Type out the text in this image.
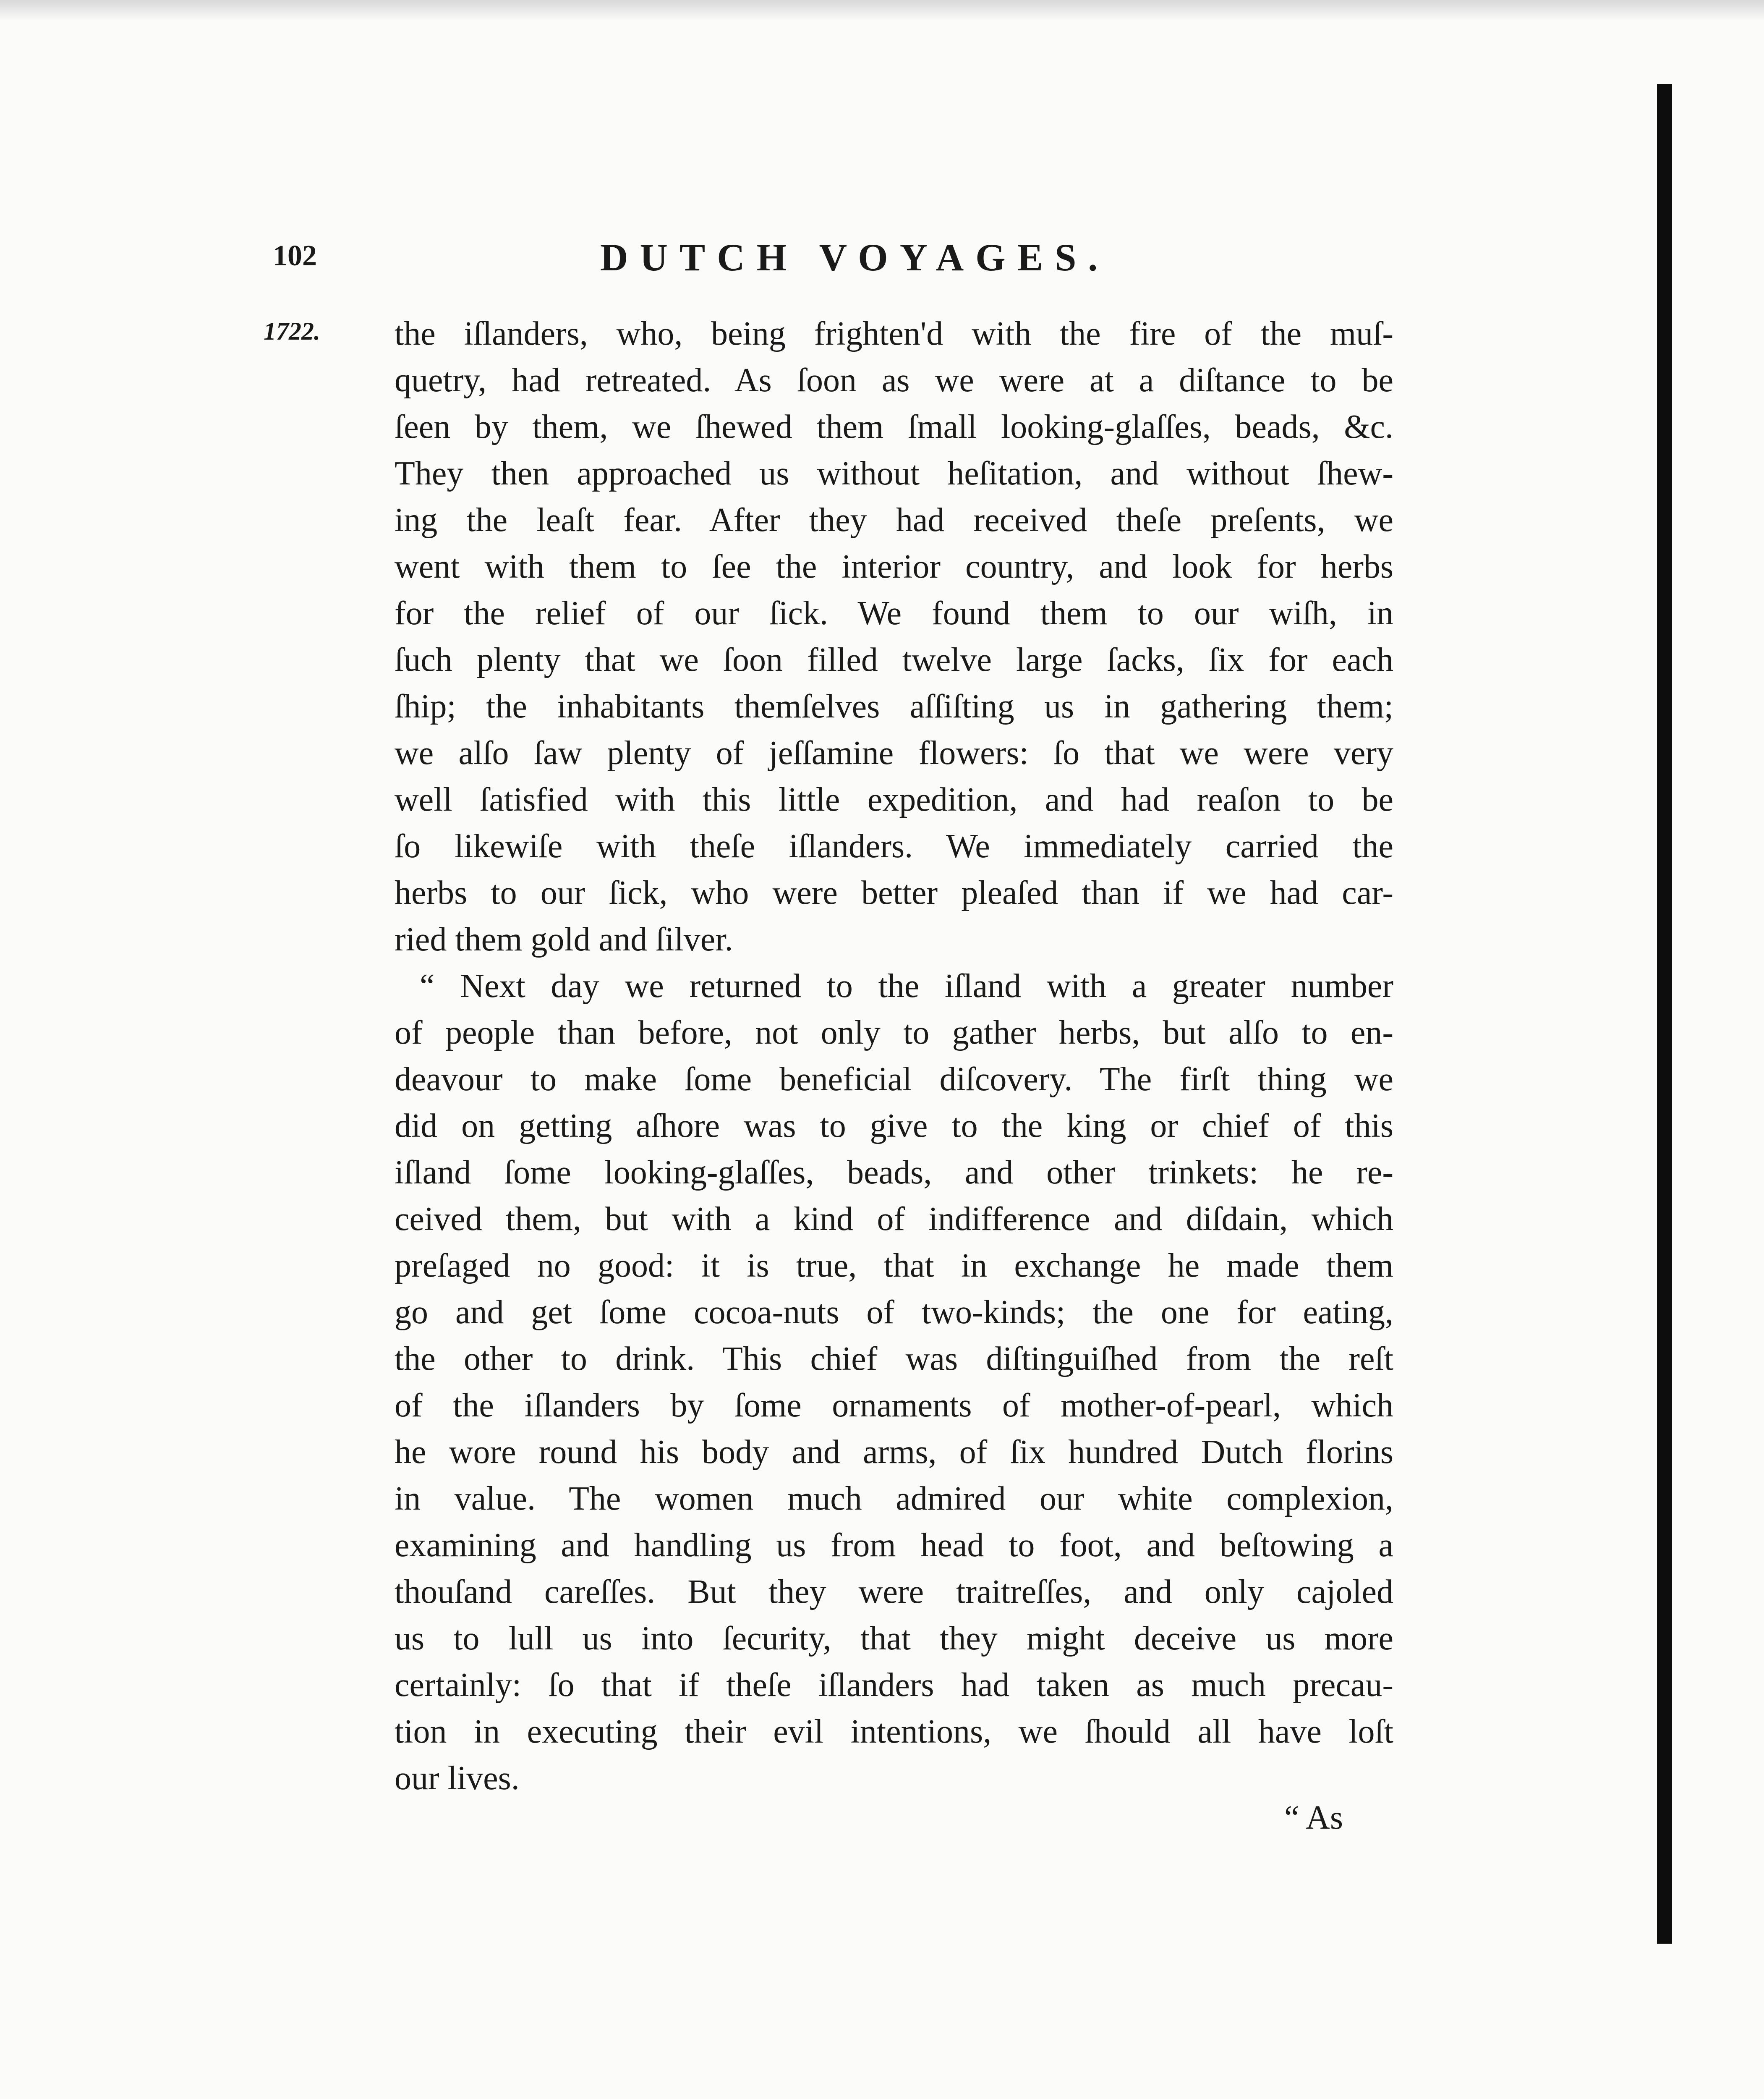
102	DUTCH VOYAGES.
1722. the iſlanders, who, being frighten'd with the fire of the muſ-
quetry, had retreated. As ſoon as we were at a diſtance to be
ſeen by them, we ſhewed them ſmall looking-glaſſes, beads, &c.
They then approached us without heſitation, and without ſhew-
ing the leaſt fear. After they had received theſe preſents, we
went with them to ſee the interior country, and look for herbs
for the relief of our ſick. We found them to our wiſh, in
ſuch plenty that we ſoon filled twelve large ſacks, ſix for each
ſhip; the inhabitants themſelves aſſiſting us in gathering them;
we alſo ſaw plenty of jeſſamine flowers: ſo that we were very
well ſatisfied with this little expedition, and had reaſon to be
ſo likewiſe with theſe iſlanders. We immediately carried the
herbs to our ſick, who were better pleaſed than if we had car-
ried them gold and ſilver.
“ Next day we returned to the iſland with a greater number
of people than before, not only to gather herbs, but alſo to en-
deavour to make ſome beneficial diſcovery. The firſt thing we
did on getting aſhore was to give to the king or chief of this
iſland ſome looking-glaſſes, beads, and other trinkets: he re-
ceived them, but with a kind of indifference and diſdain, which
preſaged no good: it is true, that in exchange he made them
go and get ſome cocoa-nuts of two-kinds; the one for eating,
the other to drink. This chief was diſtinguiſhed from the reſt
of the iſlanders by ſome ornaments of mother-of-pearl, which
he wore round his body and arms, of ſix hundred Dutch florins
in value. The women much admired our white complexion,
examining and handling us from head to foot, and beſtowing a
thouſand careſſes. But they were traitreſſes, and only cajoled
us to lull us into ſecurity, that they might deceive us more
certainly: ſo that if theſe iſlanders had taken as much precau-
tion in executing their evil intentions, we ſhould all have loſt
our lives.
“ As
